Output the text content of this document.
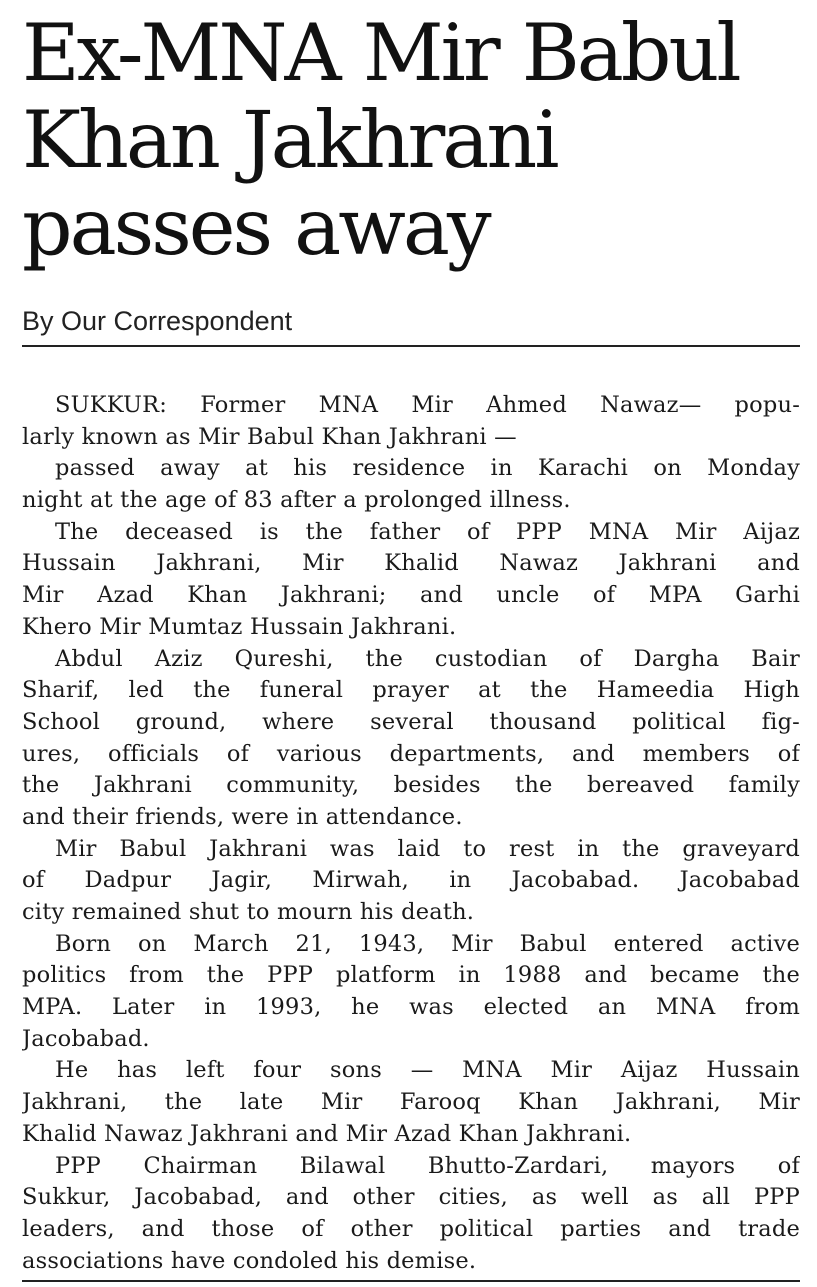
Ex-MNA Mir Babul
Khan Jakhrani
passes away
By Our Correspondent

SUKKUR: Former MNA Mir Ahmed Nawaz— popu-
larly known as Mir Babul Khan Jakhrani —
passed away at his residence in Karachi on Monday
night at the age of 83 after a prolonged illness.

The deceased is the father of PPP MNA Mir Aijaz
Hussain Jakhrani, Mir Khalid Nawaz Jakhrani and
Mir Azad Khan Jakhrani; and uncle of MPA Garhi
Khero Mir Mumtaz Hussain Jakhrani.

Abdul Aziz Qureshi, the custodian of Dargha Bair
Sharif, led the funeral prayer at the Hameedia High
School ground, where several thousand political fig-
ures, officials of various departments, and members of
the Jakhrani community, besides the bereaved family
and their friends, were in attendance.

Mir Babul Jakhrani was laid to rest in the graveyard
of Dadpur Jagir, Mirwah, in Jacobabad. Jacobabad
city remained shut to mourn his death.

Born on March 21, 1943, Mir Babul entered active
politics from the PPP platform in 1988 and became the
MPA. Later in 1993, he was elected an MNA from
Jacobabad.

He has left four sons — MNA Mir Aijaz Hussain
Jakhrani, the late Mir Farooq Khan Jakhrani, Mir
Khalid Nawaz Jakhrani and Mir Azad Khan Jakhrani.

PPP Chairman Bilawal Bhutto-Zardari, mayors of
Sukkur, Jacobabad, and other cities, as well as all PPP
leaders, and those of other political parties and trade
associations have condoled his demise.
